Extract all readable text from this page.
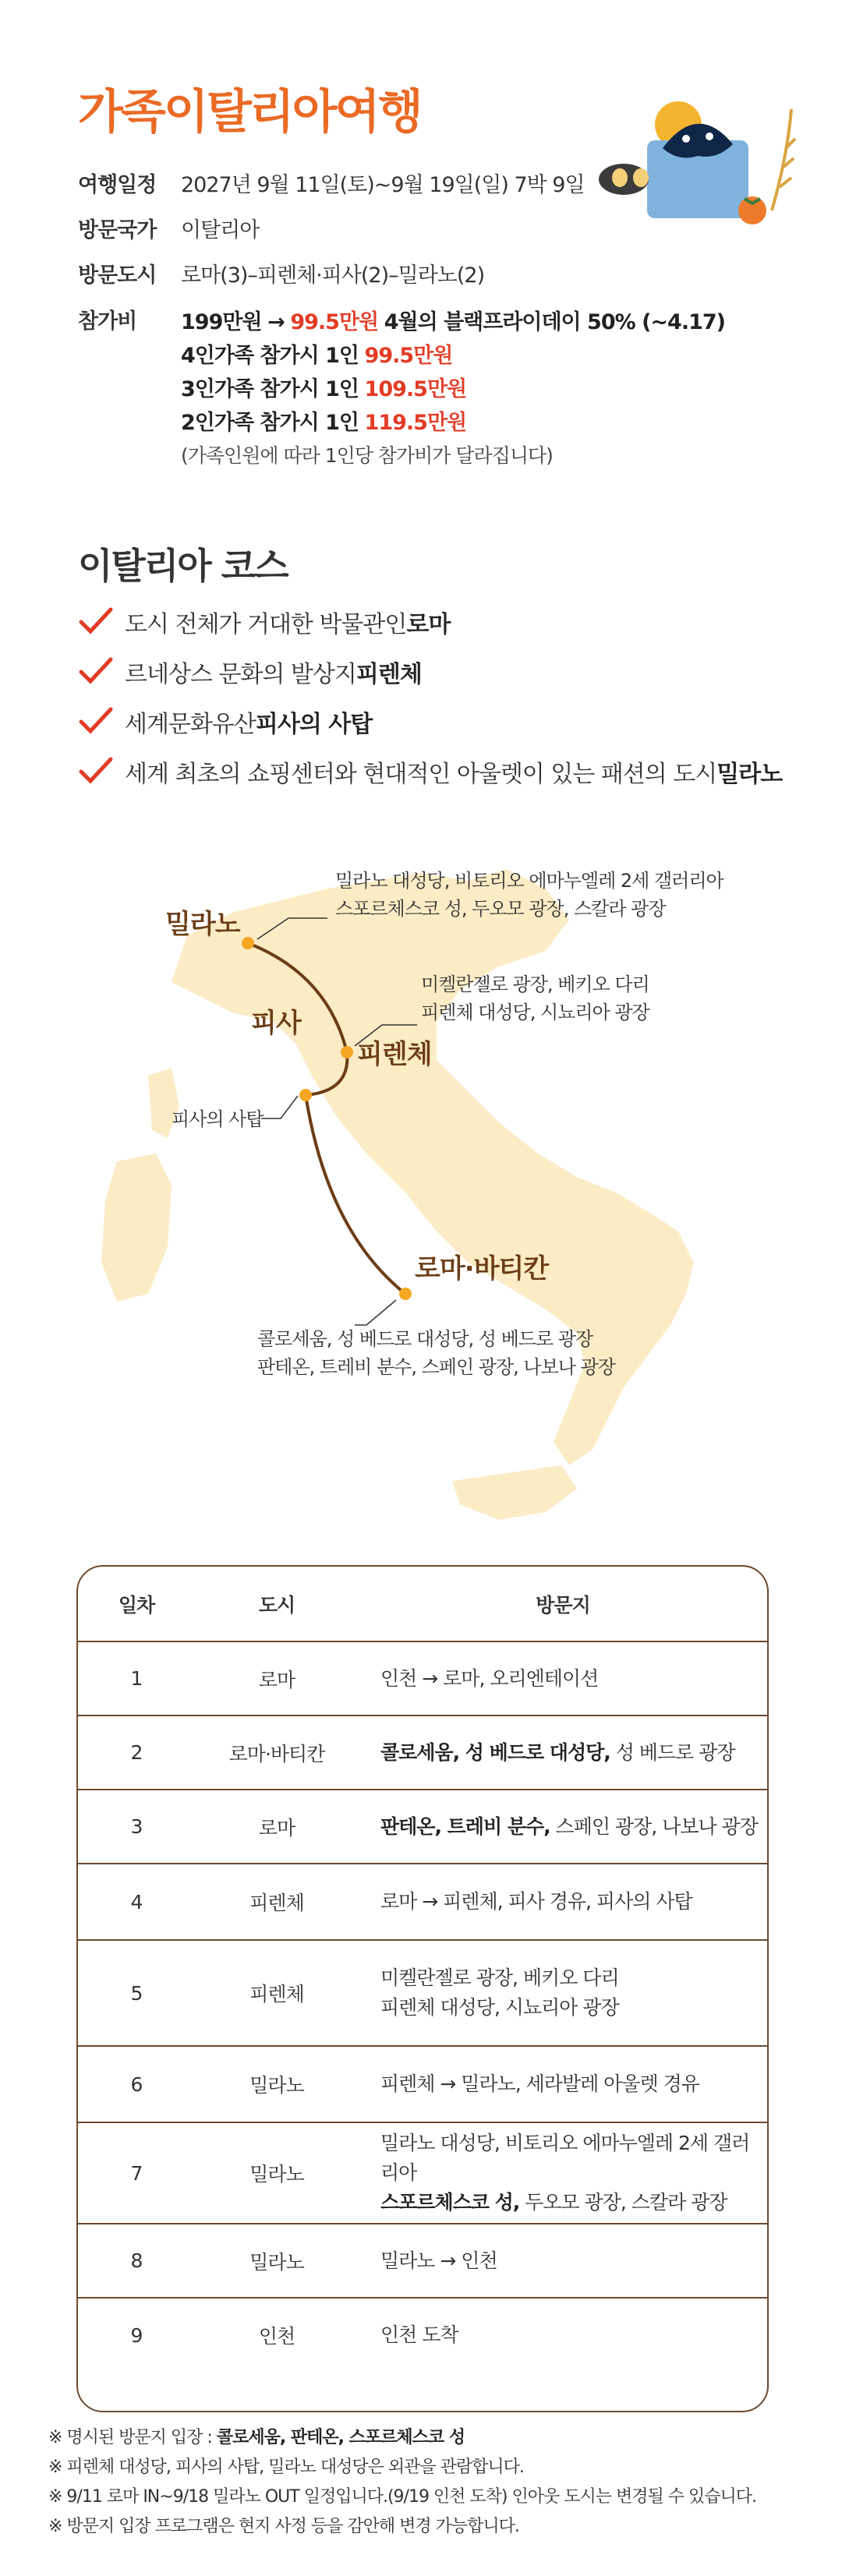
가족이탈리아여행
여행일정 2027년 9월 11일(토)~9월 19일(일) 7박 9일
방문국가 이탈리아
방문도시 로마(3)–피렌체·피사(2)–밀라노(2)
참가비 199만원 → 99.5만원 4월의 블랙프라이데이 50% (~4.17)
4인가족 참가시 1인 99.5만원
3인가족 참가시 1인 109.5만원
2인가족 참가시 1인 119.5만원
(가족인원에 따라 1인당 참가비가 달라집니다)
이탈리아 코스
도시 전체가 거대한 박물관인 로마
르네상스 문화의 발상지 피렌체
세계문화유산 피사의 사탑
세계 최초의 쇼핑센터와 현대적인 아울렛이 있는 패션의 도시 밀라노
밀라노
밀라노 대성당, 비토리오 에마누엘레 2세 갤러리아
스포르체스코 성, 두오모 광장, 스칼라 광장
피사
피사의 사탑
피렌체
미켈란젤로 광장, 베키오 다리
피렌체 대성당, 시뇨리아 광장
로마·바티칸
콜로세움, 성 베드로 대성당, 성 베드로 광장
판테온, 트레비 분수, 스페인 광장, 나보나 광장
일차	도시	방문지
1	로마	인천 → 로마, 오리엔테이션
2	로마·바티칸	콜로세움, 성 베드로 대성당, 성 베드로 광장
3	로마	판테온, 트레비 분수, 스페인 광장, 나보나 광장
4	피렌체	로마 → 피렌체, 피사 경유, 피사의 사탑
5	피렌체	미켈란젤로 광장, 베키오 다리
피렌체 대성당, 시뇨리아 광장
6	밀라노	피렌체 → 밀라노, 세라발레 아울렛 경유
7	밀라노	밀라노 대성당, 비토리오 에마누엘레 2세 갤러리아
스포르체스코 성, 두오모 광장, 스칼라 광장
8	밀라노	밀라노 → 인천
9	인천	인천 도착
※ 명시된 방문지 입장 : 콜로세움, 판테온, 스포르체스코 성
※ 피렌체 대성당, 피사의 사탑, 밀라노 대성당은 외관을 관람합니다.
※ 9/11 로마 IN~9/18 밀라노 OUT 일정입니다.(9/19 인천 도착) 인아웃 도시는 변경될 수 있습니다.
※ 방문지 입장 프로그램은 현지 사정 등을 감안해 변경 가능합니다.
